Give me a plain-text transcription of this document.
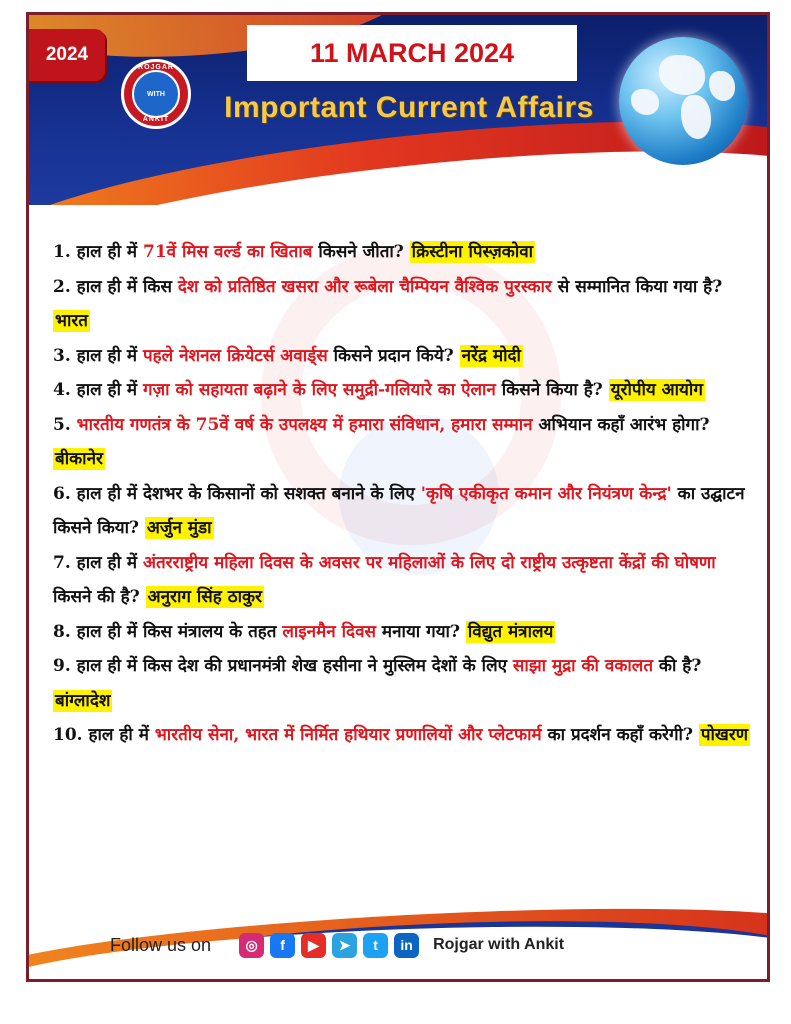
2024
ROJGAR
WITH
ANKIT
11 MARCH 2024
Important Current Affairs

1. हाल ही में 71वें मिस वर्ल्ड का खिताब किसने जीता? क्रिस्टीना पिस्ज़कोवा

2. हाल ही में किस देश को प्रतिष्ठित खसरा और रूबेला चैम्पियन वैश्विक पुरस्कार से सम्मानित किया गया है? भारत

3. हाल ही में पहले नेशनल क्रियेटर्स अवार्ड्स किसने प्रदान किये? नरेंद्र मोदी

4. हाल ही में गज़ा को सहायता बढ़ाने के लिए समुद्री-गलियारे का ऐलान किसने किया है? यूरोपीय आयोग

5. भारतीय गणतंत्र के 75वें वर्ष के उपलक्ष्य में हमारा संविधान, हमारा सम्मान अभियान कहाँ आरंभ होगा? बीकानेर

6. हाल ही में देशभर के किसानों को सशक्त बनाने के लिए 'कृषि एकीकृत कमान और नियंत्रण केन्द्र' का उद्घाटन किसने किया? अर्जुन मुंडा

7. हाल ही में अंतरराष्ट्रीय महिला दिवस के अवसर पर महिलाओं के लिए दो राष्ट्रीय उत्कृष्टता केंद्रों की घोषणा किसने की है? अनुराग सिंह ठाकुर

8. हाल ही में किस मंत्रालय के तहत लाइनमैन दिवस मनाया गया? विद्युत मंत्रालय

9. हाल ही में किस देश की प्रधानमंत्री शेख हसीना ने मुस्लिम देशों के लिए साझा मुद्रा की वकालत की है? बांग्लादेश

10. हाल ही में भारतीय सेना, भारत में निर्मित हथियार प्रणालियों और प्लेटफार्म का प्रदर्शन कहाँ करेगी? पोखरण

Follow us on	◎	f	▶	➤	t	in	Rojgar with Ankit
